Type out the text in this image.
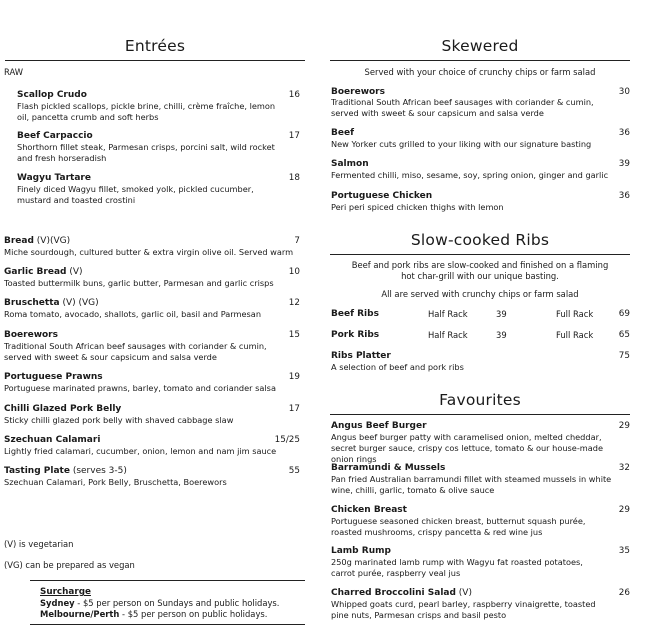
Entrées
RAW
Scallop Crudo
Flash pickled scallops, pickle brine, chilli, crème fraîche, lemon oil, pancetta crumb and soft herbs
16
Beef Carpaccio
Shorthorn fillet steak, Parmesan crisps, porcini salt, wild rocket and fresh horseradish
17
Wagyu Tartare
Finely diced Wagyu fillet, smoked yolk, pickled cucumber, mustard and toasted crostini
18
Bread (V)(VG)
Miche sourdough, cultured butter & extra virgin olive oil. Served warm
7
Garlic Bread (V)
Toasted buttermilk buns, garlic butter, Parmesan and garlic crisps
10
Bruschetta (V) (VG)
Roma tomato, avocado, shallots, garlic oil, basil and Parmesan
12
Boerewors
Traditional South African beef sausages with coriander & cumin, served with sweet & sour capsicum and salsa verde
15
Portuguese Prawns
Portuguese marinated prawns, barley, tomato and coriander salsa
19
Chilli Glazed Pork Belly
Sticky chilli glazed pork belly with shaved cabbage slaw
17
Szechuan Calamari
Lightly fried calamari, cucumber, onion, lemon and nam jim sauce
15/25
Tasting Plate (serves 3-5)
Szechuan Calamari, Pork Belly, Bruschetta, Boerewors
55
(V) is vegetarian
(VG) can be prepared as vegan
Surcharge
Sydney - $5 per person on Sundays and public holidays.
Melbourne/Perth - $5 per person on public holidays.
Skewered
Served with your choice of crunchy chips or farm salad
Boerewors
Traditional South African beef sausages with coriander & cumin, served with sweet & sour capsicum and salsa verde
30
Beef
New Yorker cuts grilled to your liking with our signature basting
36
Salmon
Fermented chilli, miso, sesame, soy, spring onion, ginger and garlic
39
Portuguese Chicken
Peri peri spiced chicken thighs with lemon
36
Slow-cooked Ribs
Beef and pork ribs are slow-cooked and finished on a flaming
hot char-grill with our unique basting.
All are served with crunchy chips or farm salad
Beef Ribs	Half Rack	39	Full Rack	69
Pork Ribs	Half Rack	39	Full Rack	65
Ribs Platter
A selection of beef and pork ribs
75
Favourites
Angus Beef Burger
Angus beef burger patty with caramelised onion, melted cheddar, secret burger sauce, crispy cos lettuce, tomato & our house-made onion rings
29
Barramundi & Mussels
Pan fried Australian barramundi fillet with steamed mussels in white wine, chilli, garlic, tomato & olive sauce
32
Chicken Breast
Portuguese seasoned chicken breast, butternut squash purée, roasted mushrooms, crispy pancetta & red wine jus
29
Lamb Rump
250g marinated lamb rump with Wagyu fat roasted potatoes, carrot purée, raspberry veal jus
35
Charred Broccolini Salad (V)
Whipped goats curd, pearl barley, raspberry vinaigrette, toasted pine nuts, Parmesan crisps and basil pesto
26
